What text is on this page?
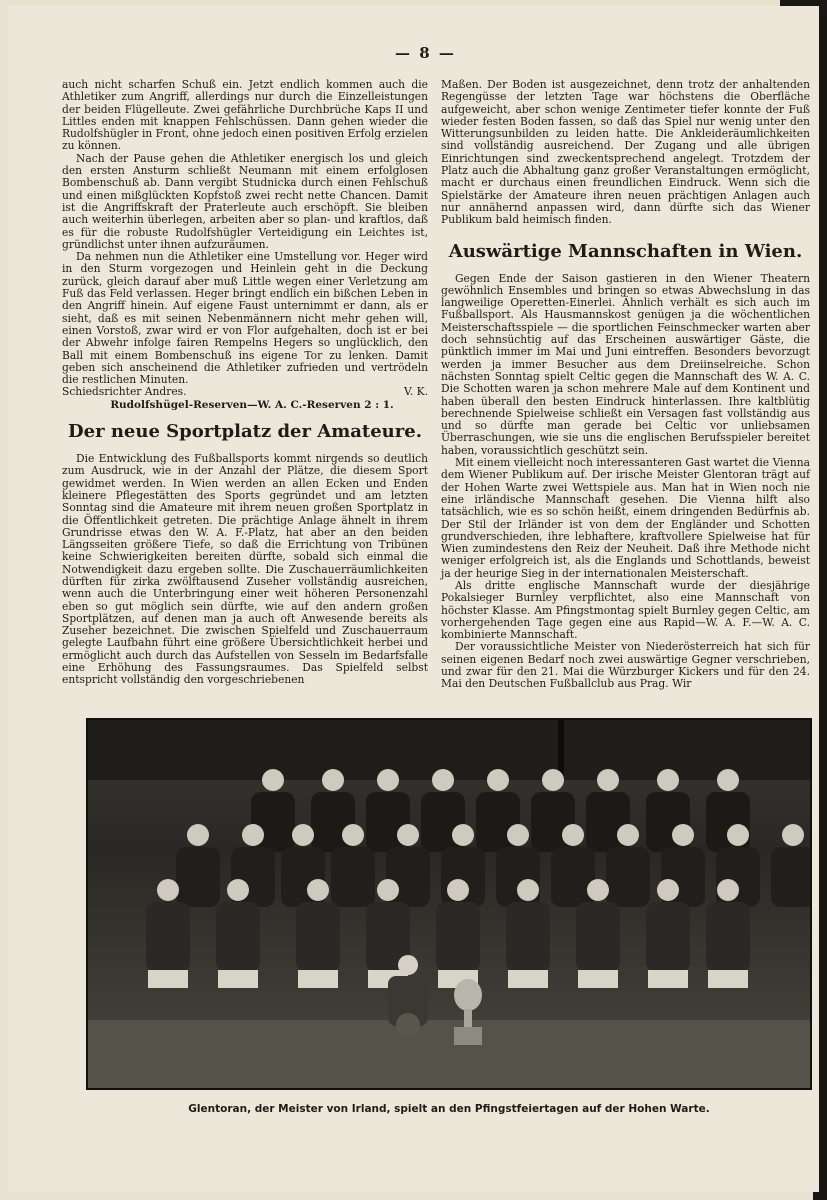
— 8 —

auch nicht scharfen Schuß ein. Jetzt endlich kommen auch die Athletiker zum Angriff, allerdings nur durch die Einzelleistungen der beiden Flügelleute. Zwei gefährliche Durchbrüche Kaps II und Littles enden mit knappen Fehlschüssen. Dann gehen wieder die Rudolfshügler in Front, ohne jedoch einen positiven Erfolg erzielen zu können.

Nach der Pause gehen die Athletiker energisch los und gleich den ersten Ansturm schließt Neumann mit einem erfolglosen Bombenschuß ab. Dann vergibt Studnicka durch einen Fehlschuß und einen mißglückten Kopfstoß zwei recht nette Chancen. Damit ist die Angriffskraft der Praterleute auch erschöpft. Sie bleiben auch weiterhin überlegen, arbeiten aber so plan- und kraftlos, daß es für die robuste Rudolfshügler Verteidigung ein Leichtes ist, gründlichst unter ihnen aufzuräumen.

Da nehmen nun die Athletiker eine Umstellung vor. Heger wird in den Sturm vorgezogen und Heinlein geht in die Deckung zurück, gleich darauf aber muß Little wegen einer Verletzung am Fuß das Feld verlassen. Heger bringt endlich ein bißchen Leben in den Angriff hinein. Auf eigene Faust unternimmt er dann, als er sieht, daß es mit seinen Nebenmännern nicht mehr gehen will, einen Vorstoß, zwar wird er von Flor aufgehalten, doch ist er bei der Abwehr infolge fairen Rempelns Hegers so unglücklich, den Ball mit einem Bombenschuß ins eigene Tor zu lenken. Damit geben sich anscheinend die Athletiker zufrieden und vertrödeln die restlichen Minuten.

Schiedsrichter Andres.	V. K.

Rudolfshügel-Reserven—W. A. C.-Reserven 2 : 1.

Der neue Sportplatz der Amateure.

Die Entwicklung des Fußballsports kommt nirgends so deutlich zum Ausdruck, wie in der Anzahl der Plätze, die diesem Sport gewidmet werden. In Wien werden an allen Ecken und Enden kleinere Pflegestätten des Sports gegründet und am letzten Sonntag sind die Amateure mit ihrem neuen großen Sportplatz in die Öffentlichkeit getreten. Die prächtige Anlage ähnelt in ihrem Grundrisse etwas den W. A. F.-Platz, hat aber an den beiden Längsseiten größere Tiefe, so daß die Errichtung von Tribünen keine Schwierigkeiten bereiten dürfte, sobald sich einmal die Notwendigkeit dazu ergeben sollte. Die Zuschauerräumlichkeiten dürften für zirka zwölftausend Zuseher vollständig ausreichen, wenn auch die Unterbringung einer weit höheren Personenzahl eben so gut möglich sein dürfte, wie auf den andern großen Sportplätzen, auf denen man ja auch oft Anwesende bereits als Zuseher bezeichnet. Die zwischen Spielfeld und Zuschauerraum gelegte Laufbahn führt eine größere Übersichtlichkeit herbei und ermöglicht auch durch das Aufstellen von Sesseln im Bedarfsfalle eine Erhöhung des Fassungsraumes. Das Spielfeld selbst entspricht vollständig den vorgeschriebenen

Maßen. Der Boden ist ausgezeichnet, denn trotz der anhaltenden Regengüsse der letzten Tage war höchstens die Oberfläche aufgeweicht, aber schon wenige Zentimeter tiefer konnte der Fuß wieder festen Boden fassen, so daß das Spiel nur wenig unter den Witterungsunbilden zu leiden hatte. Die Ankleideräumlichkeiten sind vollständig ausreichend. Der Zugang und alle übrigen Einrichtungen sind zweckentsprechend angelegt. Trotzdem der Platz auch die Abhaltung ganz großer Veranstaltungen ermöglicht, macht er durchaus einen freundlichen Eindruck. Wenn sich die Spielstärke der Amateure ihren neuen prächtigen Anlagen auch nur annähernd anpassen wird, dann dürfte sich das Wiener Publikum bald heimisch finden.

Auswärtige Mannschaften in Wien.

Gegen Ende der Saison gastieren in den Wiener Theatern gewöhnlich Ensembles und bringen so etwas Abwechslung in das langweilige Operetten-Einerlei. Ähnlich verhält es sich auch im Fußballsport. Als Hausmannskost genügen ja die wöchentlichen Meisterschaftsspiele — die sportlichen Feinschmecker warten aber doch sehnsüchtig auf das Erscheinen auswärtiger Gäste, die pünktlich immer im Mai und Juni eintreffen. Besonders bevorzugt werden ja immer Besucher aus dem Dreiinselreiche. Schon nächsten Sonntag spielt Celtic gegen die Mannschaft des W. A. C. Die Schotten waren ja schon mehrere Male auf dem Kontinent und haben überall den besten Eindruck hinterlassen. Ihre kaltblütig berechnende Spielweise schließt ein Versagen fast vollständig aus und so dürfte man gerade bei Celtic vor unliebsamen Überraschungen, wie sie uns die englischen Berufsspieler bereitet haben, voraussichtlich geschützt sein.

Mit einem vielleicht noch interessanteren Gast wartet die Vienna dem Wiener Publikum auf. Der irische Meister Glentoran trägt auf der Hohen Warte zwei Wettspiele aus. Man hat in Wien noch nie eine irländische Mannschaft gesehen. Die Vienna hilft also tatsächlich, wie es so schön heißt, einem dringenden Bedürfnis ab. Der Stil der Irländer ist von dem der Engländer und Schotten grundverschieden, ihre lebhaftere, kraftvollere Spielweise hat für Wien zumindestens den Reiz der Neuheit. Daß ihre Methode nicht weniger erfolgreich ist, als die Englands und Schottlands, beweist ja der heurige Sieg in der internationalen Meisterschaft.

Als dritte englische Mannschaft wurde der diesjährige Pokalsieger Burnley verpflichtet, also eine Mannschaft von höchster Klasse. Am Pfingstmontag spielt Burnley gegen Celtic, am vorhergehenden Tage gegen eine aus Rapid—W. A. F.—W. A. C. kombinierte Mannschaft.

Der voraussichtliche Meister von Niederösterreich hat sich für seinen eigenen Bedarf noch zwei auswärtige Gegner verschrieben, und zwar für den 21. Mai die Würzburger Kickers und für den 24. Mai den Deutschen Fußballclub aus Prag. Wir

Glentoran, der Meister von Irland, spielt an den Pfingstfeiertagen auf der Hohen Warte.
